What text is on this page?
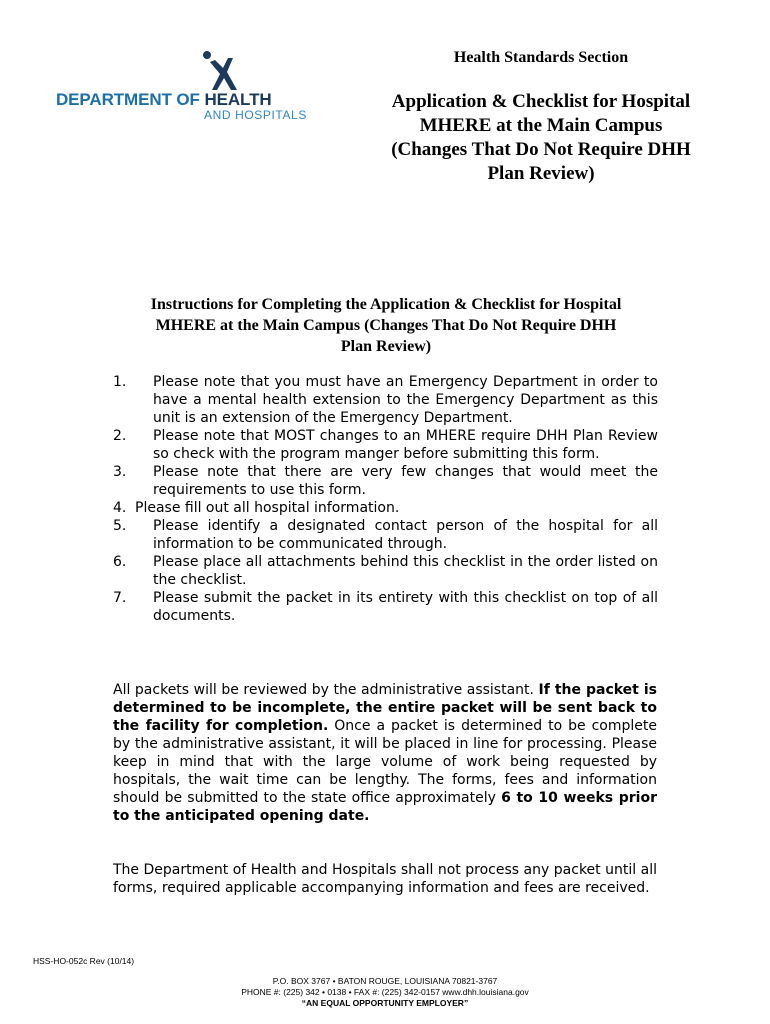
DEPARTMENT OF HEALTH
AND HOSPITALS
Health Standards Section
Application & Checklist for Hospital
MHERE at the Main Campus
(Changes That Do Not Require DHH
Plan Review)
Instructions for Completing the Application & Checklist for Hospital
MHERE at the Main Campus (Changes That Do Not Require DHH
Plan Review)
1. Please note that you must have an Emergency Department in order to have a mental health extension to the Emergency Department as this unit is an extension of the Emergency Department.
2. Please note that MOST changes to an MHERE require DHH Plan Review so check with the program manger before submitting this form.
3. Please note that there are very few changes that would meet the requirements to use this form.
4. Please fill out all hospital information.
5. Please identify a designated contact person of the hospital for all information to be communicated through.
6. Please place all attachments behind this checklist in the order listed on the checklist.
7. Please submit the packet in its entirety with this checklist on top of all documents.

All packets will be reviewed by the administrative assistant. If the packet is determined to be incomplete, the entire packet will be sent back to the facility for completion. Once a packet is determined to be complete by the administrative assistant, it will be placed in line for processing. Please keep in mind that with the large volume of work being requested by hospitals, the wait time can be lengthy. The forms, fees and information should be submitted to the state office approximately 6 to 10 weeks prior to the anticipated opening date.

The Department of Health and Hospitals shall not process any packet until all forms, required applicable accompanying information and fees are received.

HSS-HO-052c Rev (10/14)
P.O. BOX 3767 • BATON ROUGE, LOUISIANA 70821-3767
PHONE #: (225) 342 • 0138 • FAX #: (225) 342-0157 www.dhh.louisiana.gov
“AN EQUAL OPPORTUNITY EMPLOYER”
